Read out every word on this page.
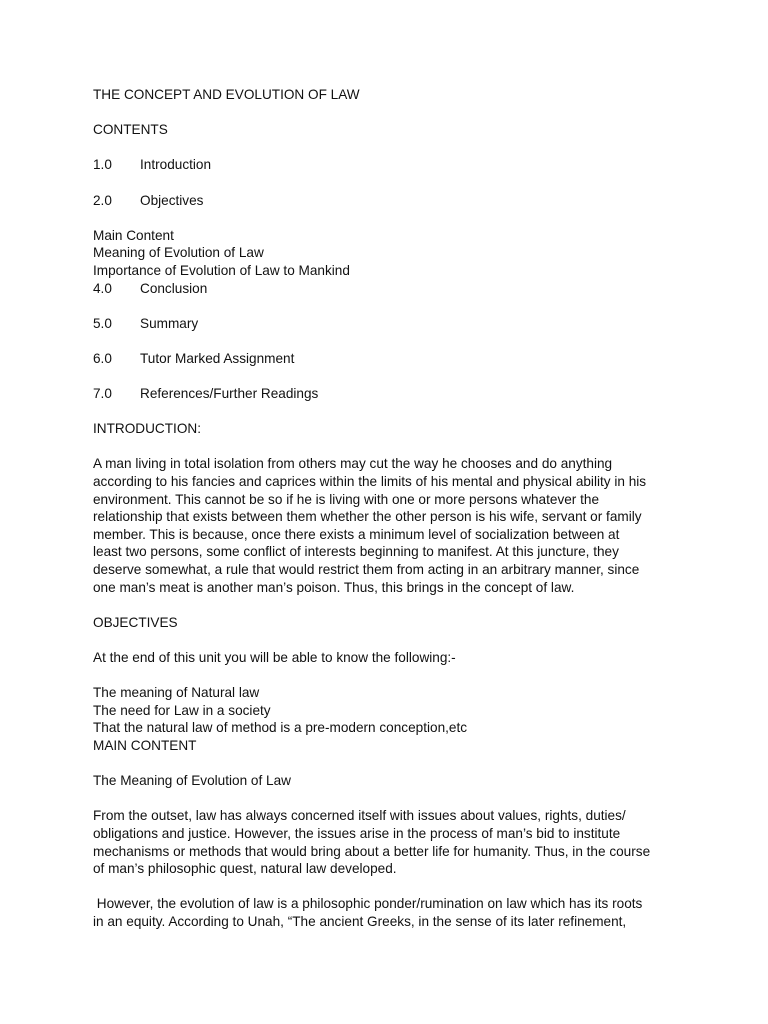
THE CONCEPT AND EVOLUTION OF LAW
CONTENTS
1.0	Introduction
2.0	Objectives
Main Content
Meaning of Evolution of Law
Importance of Evolution of Law to Mankind
4.0	Conclusion
5.0	Summary
6.0	Tutor Marked Assignment
7.0	References/Further Readings
INTRODUCTION:
A man living in total isolation from others may cut the way he chooses and do anything
according to his fancies and caprices within the limits of his mental and physical ability in his
environment. This cannot be so if he is living with one or more persons whatever the
relationship that exists between them whether the other person is his wife, servant or family
member. This is because, once there exists a minimum level of socialization between at
least two persons, some conflict of interests beginning to manifest. At this juncture, they
deserve somewhat, a rule that would restrict them from acting in an arbitrary manner, since
one man’s meat is another man’s poison. Thus, this brings in the concept of law.
OBJECTIVES
At the end of this unit you will be able to know the following:-
The meaning of Natural law
The need for Law in a society
That the natural law of method is a pre-modern conception,etc
MAIN CONTENT
The Meaning of Evolution of Law
From the outset, law has always concerned itself with issues about values, rights, duties/
obligations and justice. However, the issues arise in the process of man’s bid to institute
mechanisms or methods that would bring about a better life for humanity. Thus, in the course
of man’s philosophic quest, natural law developed.
However, the evolution of law is a philosophic ponder/rumination on law which has its roots
in an equity. According to Unah, “The ancient Greeks, in the sense of its later refinement,
